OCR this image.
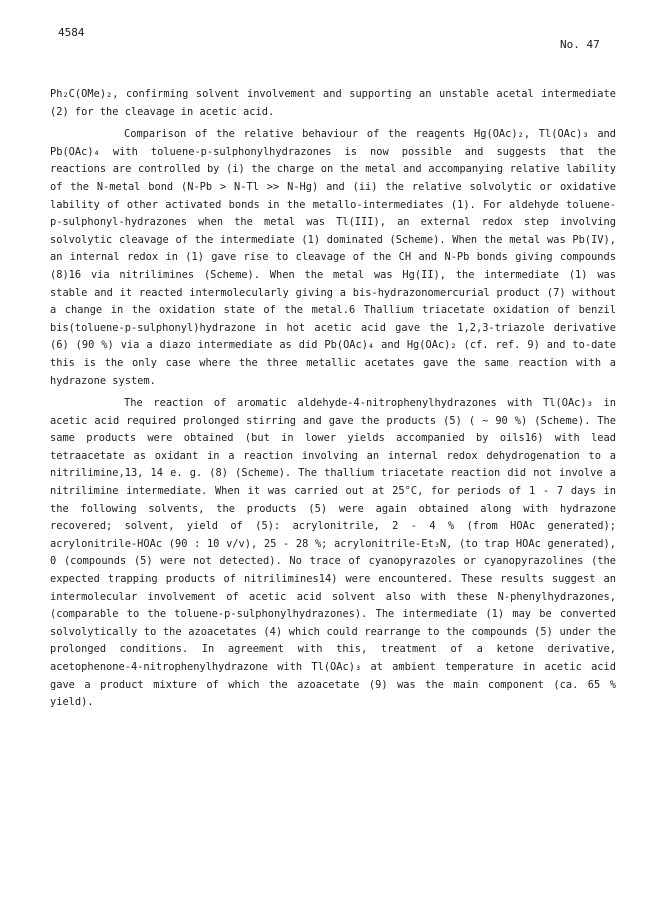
4584
No. 47

Ph₂C(OMe)₂, confirming solvent involvement and supporting an unstable acetal intermediate (2) for the cleavage in acetic acid.

Comparison of the relative behaviour of the reagents Hg(OAc)₂, Tl(OAc)₃ and Pb(OAc)₄ with toluene-p-sulphonylhydrazones is now possible and suggests that the reactions are controlled by (i) the charge on the metal and accompanying relative lability of the N-metal bond (N-Pb > N-Tl >> N-Hg) and (ii) the relative solvolytic or oxidative lability of other activated bonds in the metallo-intermediates (1). For aldehyde toluene-p-sulphonyl-hydrazones when the metal was Tl(III), an external redox step involving solvolytic cleavage of the intermediate (1) dominated (Scheme). When the metal was Pb(IV), an internal redox in (1) gave rise to cleavage of the CH and N-Pb bonds giving compounds (8)16 via nitrilimines (Scheme). When the metal was Hg(II), the intermediate (1) was stable and it reacted intermolecularly giving a bis-hydrazonomercurial product (7) without a change in the oxidation state of the metal.6 Thallium triacetate oxidation of benzil bis(toluene-p-sulphonyl)hydrazone in hot acetic acid gave the 1,2,3-triazole derivative (6) (90 %) via a diazo intermediate as did Pb(OAc)₄ and Hg(OAc)₂ (cf. ref. 9) and to-date this is the only case where the three metallic acetates gave the same reaction with a hydrazone system.

The reaction of aromatic aldehyde-4-nitrophenylhydrazones with Tl(OAc)₃ in acetic acid required prolonged stirring and gave the products (5) ( ~ 90 %) (Scheme). The same products were obtained (but in lower yields accompanied by oils16) with lead tetraacetate as oxidant in a reaction involving an internal redox dehydrogenation to a nitrilimine,13, 14 e. g. (8) (Scheme). The thallium triacetate reaction did not involve a nitrilimine intermediate. When it was carried out at 25°C, for periods of 1 - 7 days in the following solvents, the products (5) were again obtained along with hydrazone recovered; solvent, yield of (5): acrylonitrile, 2 - 4 % (from HOAc generated); acrylonitrile-HOAc (90 : 10 v/v), 25 - 28 %; acrylonitrile-Et₃N, (to trap HOAc generated), 0 (compounds (5) were not detected). No trace of cyanopyrazoles or cyanopyrazolines (the expected trapping products of nitrilimines14) were encountered. These results suggest an intermolecular involvement of acetic acid solvent also with these N-phenylhydrazones, (comparable to the toluene-p-sulphonylhydrazones). The intermediate (1) may be converted solvolytically to the azoacetates (4) which could rearrange to the compounds (5) under the prolonged conditions. In agreement with this, treatment of a ketone derivative, acetophenone-4-nitrophenylhydrazone with Tl(OAc)₃ at ambient temperature in acetic acid gave a product mixture of which the azoacetate (9) was the main component (ca. 65 % yield).
